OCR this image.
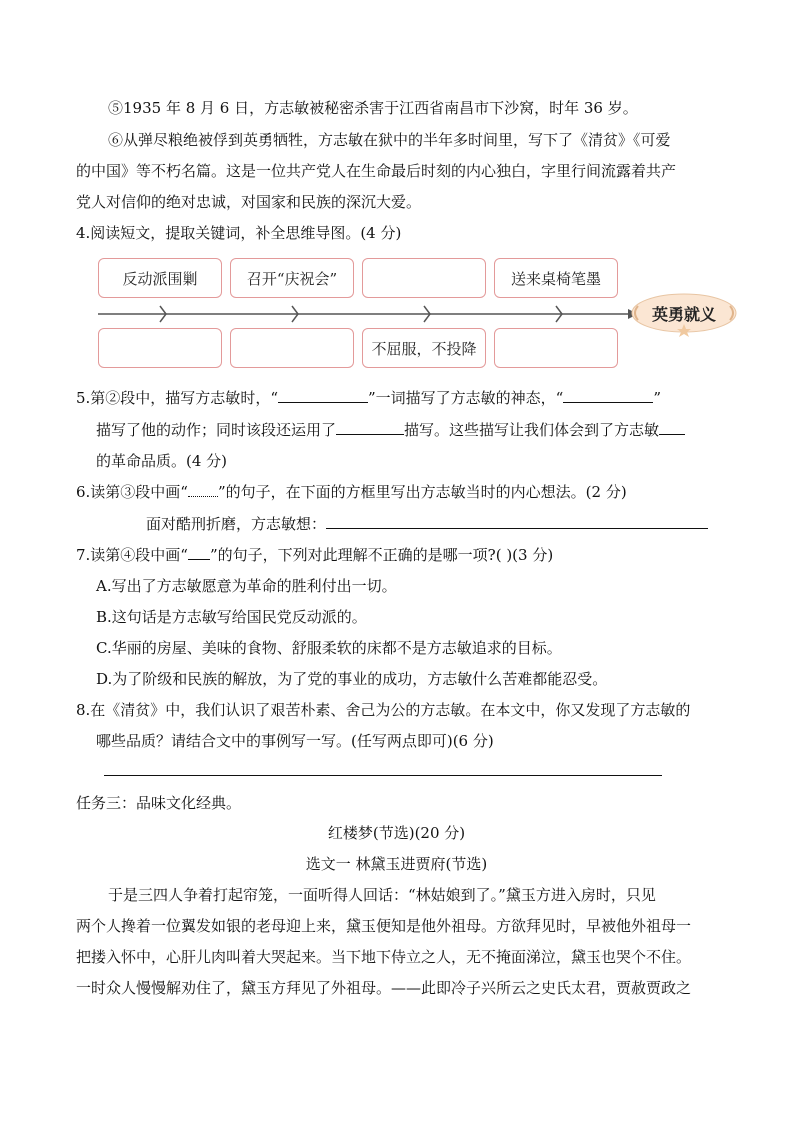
⑤1935 年 8 月 6 日，方志敏被秘密杀害于江西省南昌市下沙窝，时年 36 岁。
⑥从弹尽粮绝被俘到英勇牺牲，方志敏在狱中的半年多时间里，写下了《清贫》《可爱
的中国》等不朽名篇。这是一位共产党人在生命最后时刻的内心独白，字里行间流露着共产
党人对信仰的绝对忠诚，对国家和民族的深沉大爱。
4.阅读短文，提取关键词，补全思维导图。(4 分)
反动派围剿	召开“庆祝会”	送来桌椅笔墨
不屈服，不投降
英勇就义
5.第②段中，描写方志敏时，“	”一词描写了方志敏的神态，“	”
描写了他的动作；同时该段还运用了	描写。这些描写让我们体会到了方志敏
的革命品质。(4 分)
6.读第③段中画“ ”的句子，在下面的方框里写出方志敏当时的内心想法。(2 分)
面对酷刑折磨，方志敏想：
7.读第④段中画“ ”的句子，下列对此理解不正确的是哪一项?( )(3 分)
A.写出了方志敏愿意为革命的胜利付出一切。
B.这句话是方志敏写给国民党反动派的。
C.华丽的房屋、美味的食物、舒服柔软的床都不是方志敏追求的目标。
D.为了阶级和民族的解放，为了党的事业的成功，方志敏什么苦难都能忍受。
8.在《清贫》中，我们认识了艰苦朴素、舍己为公的方志敏。在本文中，你又发现了方志敏的
哪些品质？请结合文中的事例写一写。(任写两点即可)(6 分)
任务三：品味文化经典。
红楼梦(节选)(20 分)
选文一 林黛玉进贾府(节选)
于是三四人争着打起帘笼，一面听得人回话：“林姑娘到了。”黛玉方进入房时，只见
两个人搀着一位翼发如银的老母迎上来，黛玉便知是他外祖母。方欲拜见时，早被他外祖母一
把搂入怀中，心肝儿肉叫着大哭起来。当下地下侍立之人，无不掩面涕泣，黛玉也哭个不住。
一时众人慢慢解劝住了，黛玉方拜见了外祖母。——此即冷子兴所云之史氏太君，贾赦贾政之
